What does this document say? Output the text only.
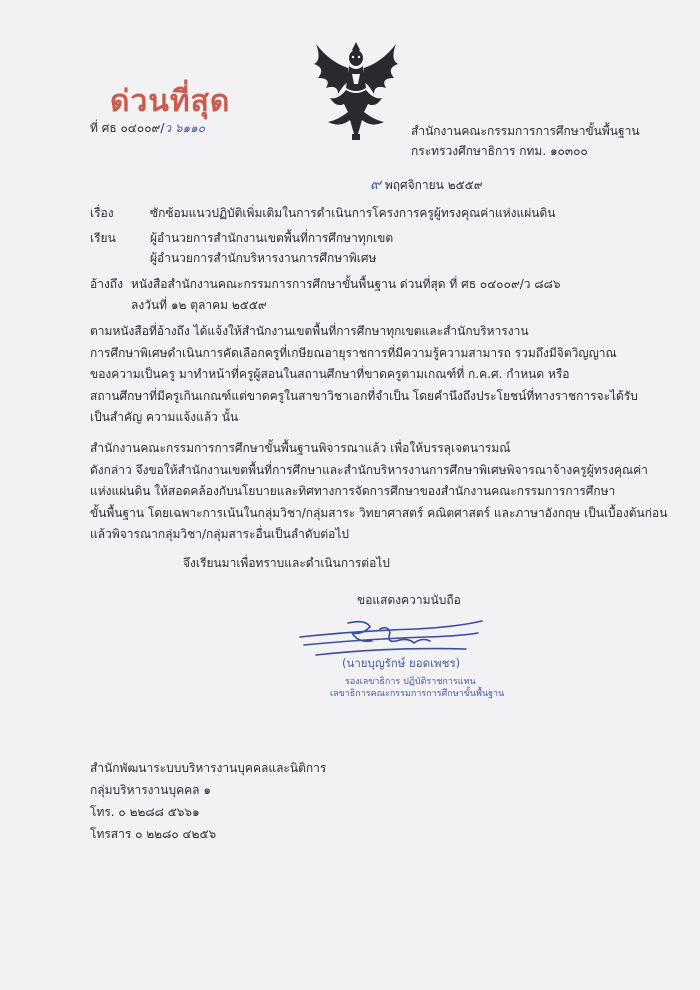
ด่วนที่สุด
ที่ ศธ ๐๔๐๐๙/ว ๖๑๑๐	สำนักงานคณะกรรมการการศึกษาขั้นพื้นฐาน
กระทรวงศึกษาธิการ กทม. ๑๐๓๐๐
๙ พฤศจิกายน ๒๕๕๙
เรื่อง	ซักซ้อมแนวปฏิบัติเพิ่มเติมในการดำเนินการโครงการครูผู้ทรงคุณค่าแห่งแผ่นดิน
เรียน	ผู้อำนวยการสำนักงานเขตพื้นที่การศึกษาทุกเขต
ผู้อำนวยการสำนักบริหารงานการศึกษาพิเศษ
อ้างถึง หนังสือสำนักงานคณะกรรมการการศึกษาขั้นพื้นฐาน ด่วนที่สุด ที่ ศธ ๐๔๐๐๙/ว ๘๘๖
ลงวันที่ ๑๒ ตุลาคม ๒๕๕๙

ตามหนังสือที่อ้างถึง ได้แจ้งให้สำนักงานเขตพื้นที่การศึกษาทุกเขตและสำนักบริหารงาน

การศึกษาพิเศษดำเนินการคัดเลือกครูที่เกษียณอายุราชการที่มีความรู้ความสามารถ รวมถึงมีจิตวิญญาณ

ของความเป็นครู มาทำหน้าที่ครูผู้สอนในสถานศึกษาที่ขาดครูตามเกณฑ์ที่ ก.ค.ศ. กำหนด หรือ

สถานศึกษาที่มีครูเกินเกณฑ์แต่ขาดครูในสาขาวิชาเอกที่จำเป็น โดยคำนึงถึงประโยชน์ที่ทางราชการจะได้รับ

เป็นสำคัญ ความแจ้งแล้ว นั้น

สำนักงานคณะกรรมการการศึกษาขั้นพื้นฐานพิจารณาแล้ว เพื่อให้บรรลุเจตนารมณ์

ดังกล่าว จึงขอให้สำนักงานเขตพื้นที่การศึกษาและสำนักบริหารงานการศึกษาพิเศษพิจารณาจ้างครูผู้ทรงคุณค่า

แห่งแผ่นดิน ให้สอดคล้องกับนโยบายและทิศทางการจัดการศึกษาของสำนักงานคณะกรรมการการศึกษา

ขั้นพื้นฐาน โดยเฉพาะการเน้นในกลุ่มวิชา/กลุ่มสาระ วิทยาศาสตร์ คณิตศาสตร์ และภาษาอังกฤษ เป็นเบื้องต้นก่อน

แล้วพิจารณากลุ่มวิชา/กลุ่มสาระอื่นเป็นลำดับต่อไป

จึงเรียนมาเพื่อทราบและดำเนินการต่อไป
ขอแสดงความนับถือ
(นายบุญรักษ์ ยอดเพชร)
รองเลขาธิการ ปฏิบัติราชการแทน
เลขาธิการคณะกรรมการการศึกษาขั้นพื้นฐาน
สำนักพัฒนาระบบบริหารงานบุคคลและนิติการ
กลุ่มบริหารงานบุคคล ๑
โทร. ๐ ๒๒๘๘ ๕๖๖๑
โทรสาร ๐ ๒๒๘๐ ๔๒๕๖
